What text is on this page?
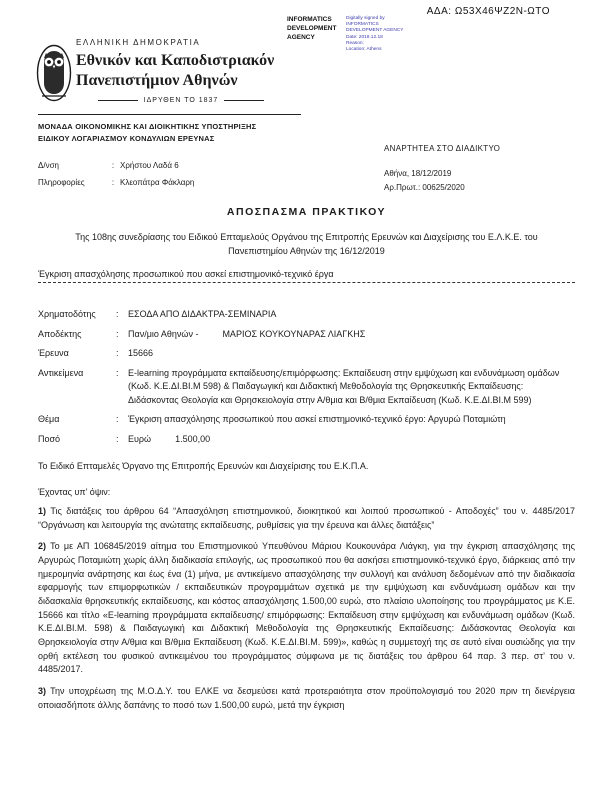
ΑΔΑ: Ω53Χ46ΨΖ2Ν-ΩΤΟ
INFORMATICS DEVELOPMENT AGENCY
Digitally signed by
INFORMATICS
DEVELOPMENT AGENCY
Date: 2019.12.18
Reason:
Location: Athens
ΕΛΛΗΝΙΚΗ ΔΗΜΟΚΡΑΤΙΑ
Εθνικόν και Καποδιστριακόν
Πανεπιστήμιον Αθηνών
ΙΔΡΥΘΕΝ ΤΟ 1837
ΜΟΝΑΔΑ ΟΙΚΟΝΟΜΙΚΗΣ ΚΑΙ ΔΙΟΙΚΗΤΙΚΗΣ ΥΠΟΣΤΗΡΙΞΗΣ
ΕΙΔΙΚΟΥ ΛΟΓΑΡΙΑΣΜΟΥ ΚΟΝΔΥΛΙΩΝ ΕΡΕΥΝΑΣ
Δ/νση	: Χρήστου Λαδά 6
Πληροφορίες	: Κλεοπάτρα Φάκλαρη
ΑΝΑΡΤΗΤΕΑ ΣΤΟ ΔΙΑΔΙΚΤΥΟ
Αθήνα, 18/12/2019
Αρ.Πρωτ.: 00625/2020
ΑΠΟΣΠΑΣΜΑ ΠΡΑΚΤΙΚΟΥ

Της 108ης συνεδρίασης του Ειδικού Επταμελούς Οργάνου της Επιτροπής Ερευνών και Διαχείρισης του Ε.Λ.Κ.Ε. του Πανεπιστημίου Αθηνών της 16/12/2019

Έγκριση απασχόλησης προσωπικού που ασκεί επιστημονικό-τεχνικό έργα

Χρηματοδότης	:	ΕΣΟΔΑ ΑΠΟ ΔΙΔΑΚΤΡΑ-ΣΕΜΙΝΑΡΙΑ
Αποδέκτης	:	Παν/μιο Αθηνών -	ΜΑΡΙΟΣ ΚΟΥΚΟΥΝΑΡΑΣ ΛΙΑΓΚΗΣ
Έρευνα	:	15666
Αντικείμενα	:	E-learning προγράμματα εκπαίδευσης/επιμόρφωσης: Εκπαίδευση στην εμψύχωση και ενδυνάμωση ομάδων (Κωδ. Κ.Ε.ΔΙ.ΒΙ.Μ 598) & Παιδαγωγική και Διδακτική Μεθοδολογία της Θρησκευτικής Εκπαίδευσης: Διδάσκοντας Θεολογία και Θρησκειολογία στην Α/θμια και Β/θμια Εκπαίδευση (Κωδ. Κ.Ε.ΔΙ.ΒΙ.Μ 599)
Θέμα	:	Έγκριση απασχόλησης προσωπικού που ασκεί επιστημονικό-τεχνικό έργο: Αργυρώ Ποταμιώτη
Ποσό	:	Ευρώ	1.500,00

Το Ειδικό Επταμελές Όργανο της Επιτροπής Ερευνών και Διαχείρισης του Ε.Κ.Π.Α.

Έχοντας υπ’ όψιν:

1) Τις διατάξεις του άρθρου 64 “Απασχόληση επιστημονικού, διοικητικού και λοιπού προσωπικού - Αποδοχές” του ν. 4485/2017 “Οργάνωση και λειτουργία της ανώτατης εκπαίδευσης, ρυθμίσεις για την έρευνα και άλλες διατάξεις”

2) Το με ΑΠ 106845/2019 αίτημα του Επιστημονικού Υπευθύνου Μάριου Κουκουνάρα Λιάγκη, για την έγκριση απασχόλησης της Αργυρώς Ποταμιώτη χωρίς άλλη διαδικασία επιλογής, ως προσωπικού που θα ασκήσει επιστημονικό-τεχνικό έργο, διάρκειας από την ημερομηνία ανάρτησης και έως ένα (1) μήνα, με αντικείμενο απασχόλησης την συλλογή και ανάλυση δεδομένων από την διαδικασία εφαρμογής των επιμορφωτικών / εκπαιδευτικών προγραμμάτων σχετικά με την εμψύχωση και ενδυνάμωση ομάδων και την διδασκαλία θρησκευτικής εκπαίδευσης, και κόστος απασχόλησης 1.500,00 ευρώ, στο πλαίσιο υλοποίησης του προγράμματος με Κ.Ε. 15666 και τίτλο «E-learning προγράμματα εκπαίδευσης/ επιμόρφωσης: Εκπαίδευση στην εμψύχωση και ενδυνάμωση ομάδων (Κωδ. Κ.Ε.ΔΙ.ΒΙ.Μ. 598) & Παιδαγωγική και Διδακτική Μεθοδολογία της Θρησκευτικής Εκπαίδευσης: Διδάσκοντας Θεολογία και Θρησκειολογία στην Α/θμια και Β/θμια Εκπαίδευση (Κωδ. Κ.Ε.ΔΙ.ΒΙ.Μ. 599)», καθώς η συμμετοχή της σε αυτό είναι ουσιώδης για την ορθή εκτέλεση του φυσικού αντικειμένου του προγράμματος σύμφωνα με τις διατάξεις του άρθρου 64 παρ. 3 περ. στ’ του ν. 4485/2017.

3) Την υποχρέωση της Μ.Ο.Δ.Υ. του ΕΛΚΕ να δεσμεύσει κατά προτεραιότητα στον προϋπολογισμό του 2020 πριν τη διενέργεια οποιασδήποτε άλλης δαπάνης το ποσό των 1.500,00 ευρώ, μετά την έγκριση
